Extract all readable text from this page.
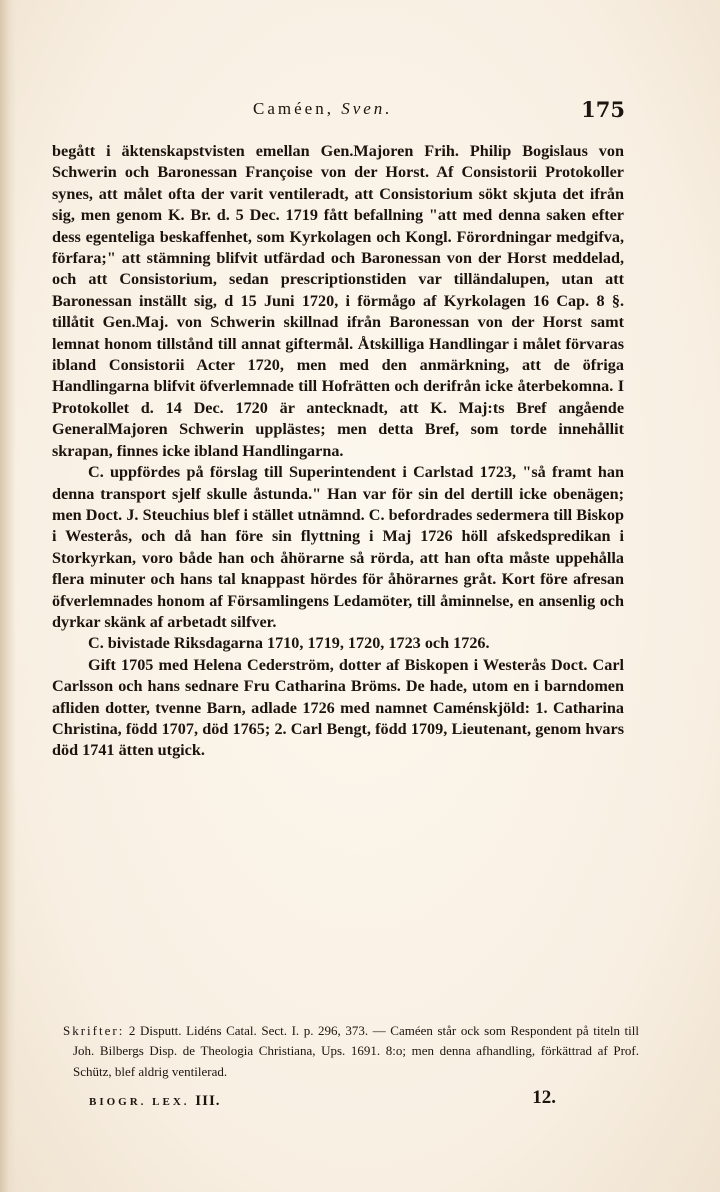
Caméen, Sven.	175

begått i äktenskapstvisten emellan Gen.Majoren Frih. Philip Bogislaus von Schwerin och Baronessan Françoise von der Horst. Af Consistorii Protokoller synes, att målet ofta der varit ventileradt, att Consistorium sökt skjuta det ifrån sig, men genom K. Br. d. 5 Dec. 1719 fått befallning "att med denna saken efter dess egenteliga beskaffenhet, som Kyrkolagen och Kongl. Förordningar medgifva, förfara;" att stämning blifvit utfärdad och Baronessan von der Horst meddelad, och att Consistorium, sedan prescriptionstiden var tilländalupen, utan att Baronessan inställt sig, d 15 Juni 1720, i förmågo af Kyrkolagen 16 Cap. 8 §. tillåtit Gen.Maj. von Schwerin skillnad ifrån Baronessan von der Horst samt lemnat honom tillstånd till annat giftermål. Åtskilliga Handlingar i målet förvaras ibland Consistorii Acter 1720, men med den anmärkning, att de öfriga Handlingarna blifvit öfverlemnade till Hofrätten och derifrån icke återbekomna. I Protokollet d. 14 Dec. 1720 är antecknadt, att K. Maj:ts Bref angående GeneralMajoren Schwerin upplästes; men detta Bref, som torde innehållit skrapan, finnes icke ibland Handlingarna.

C. uppfördes på förslag till Superintendent i Carlstad 1723, "så framt han denna transport sjelf skulle åstunda." Han var för sin del dertill icke obenägen; men Doct. J. Steuchius blef i stället utnämnd. C. befordrades sedermera till Biskop i Westerås, och då han före sin flyttning i Maj 1726 höll afskedspredikan i Storkyrkan, voro både han och åhörarne så rörda, att han ofta måste uppehålla flera minuter och hans tal knappast hördes för åhörarnes gråt. Kort före afresan öfverlemnades honom af Församlingens Ledamöter, till åminnelse, en ansenlig och dyrkar skänk af arbetadt silfver.

C. bivistade Riksdagarna 1710, 1719, 1720, 1723 och 1726.

Gift 1705 med Helena Cederström, dotter af Biskopen i Westerås Doct. Carl Carlsson och hans sednare Fru Catharina Bröms. De hade, utom en i barndomen afliden dotter, tvenne Barn, adlade 1726 med namnet Caménskjöld: 1. Catharina Christina, född 1707, död 1765; 2. Carl Bengt, född 1709, Lieutenant, genom hvars död 1741 ätten utgick.

Skrifter: 2 Disputt. Lidéns Catal. Sect. I. p. 296, 373. — Caméen står ock som Respondent på titeln till Joh. Bilbergs Disp. de Theologia Christiana, Ups. 1691. 8:o; men denna afhandling, förkättrad af Prof. Schütz, blef aldrig ventilerad.

BIOGR. LEX. III.	12.
